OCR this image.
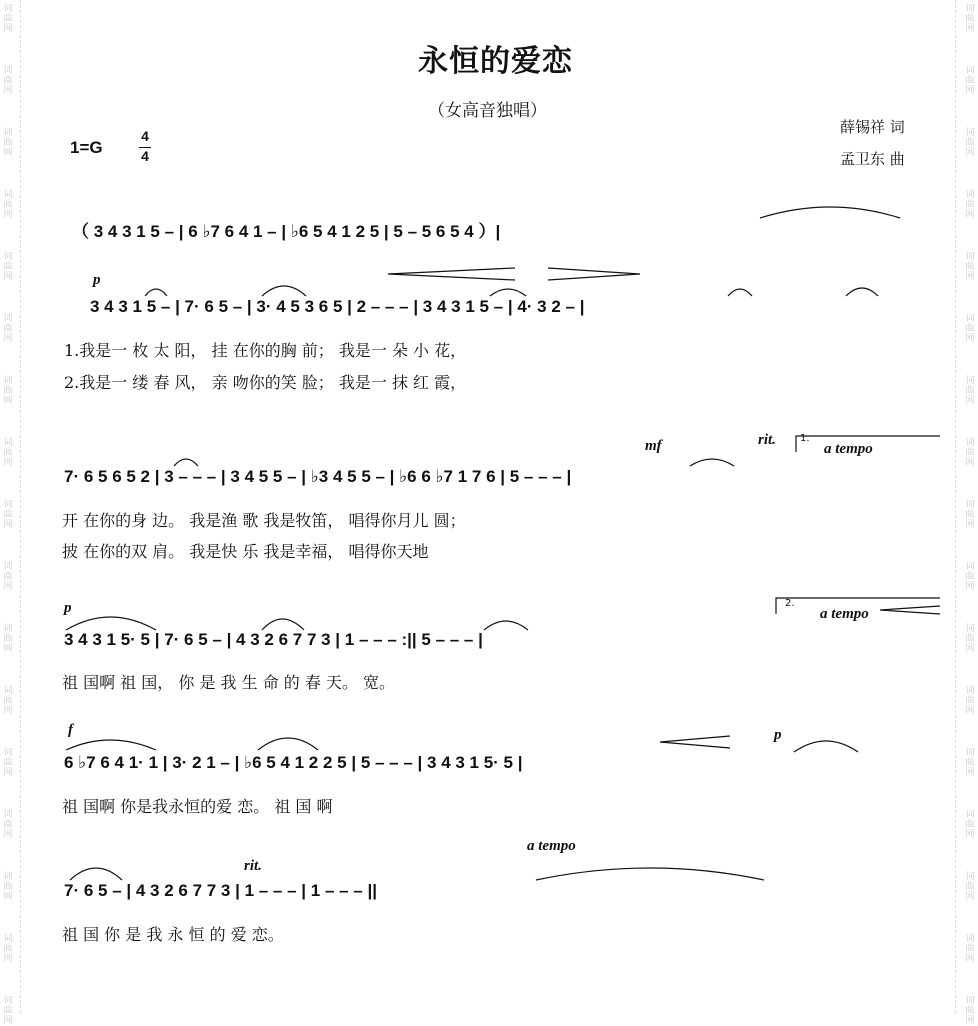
词
曲
网
词
曲
网
词
曲
网
词
曲
网
词
曲
网
词
曲
网
词
曲
网
词
曲
网
词
曲
网
词
曲
网
词
曲
网
词
曲
网
词
曲
网
词
曲
网
词
曲
网
词
曲
网
词
曲
网
词
曲
网
词
曲
网
词
曲
网
词
曲
网
词
曲
网
词
曲
网
词
曲
网
词
曲
网
词
曲
网
词
曲
网
词
曲
网
词
曲
网
词
曲
网
词
曲
网
词
曲
网
词
曲
网
词
曲
网
永恒的爱恋
（女高音独唱）
1=G
4
4
薛锡祥 词
孟卫东 曲
（ 3 4 3 1 5 – | 6 ♭7 6 4 1 – | ♭6 5 4 1 2 5 | 5 – 5 6 5 4 ）|
p
3 4 3 1 5 – | 7· 6 5 – | 3· 4 5 3 6 5 | 2 – – – | 3 4 3 1 5 – | 4· 3 2 – |
1.我是一 枚 太 阳， 挂 在你的胸 前； 我是一 朵 小 花，
2.我是一 缕 春 风， 亲 吻你的笑 脸； 我是一 抹 红 霞，
mf	rit. 1.
a tempo
7· 6 5 6 5 2 | 3 – – – | 3 4 5 5 – | ♭3 4 5 5 – | ♭6 6 ♭7 1 7 6 | 5 – – – |
开 在你的身 边。 我是渔 歌 我是牧笛， 唱得你月儿 圆；
披 在你的双 肩。 我是快 乐 我是幸福， 唱得你天地
p	2.
a tempo
3 4 3 1 5· 5 | 7· 6 5 – | 4 3 2 6 7 7 3 | 1 – – – :|| 5 – – – |
祖 国啊 祖 国， 你 是 我 生 命 的 春 天。 宽。
f	p
6 ♭7 6 4 1· 1 | 3· 2 1 – | ♭6 5 4 1 2 2 5 | 5 – – – | 3 4 3 1 5· 5 |
祖 国啊 你是我永恒的爱 恋。 祖 国 啊
rit.
a tempo
7· 6 5 – | 4 3 2 6 7 7 3 | 1 – – – | 1 – – – ||
祖 国 你 是 我 永 恒 的 爱 恋。
